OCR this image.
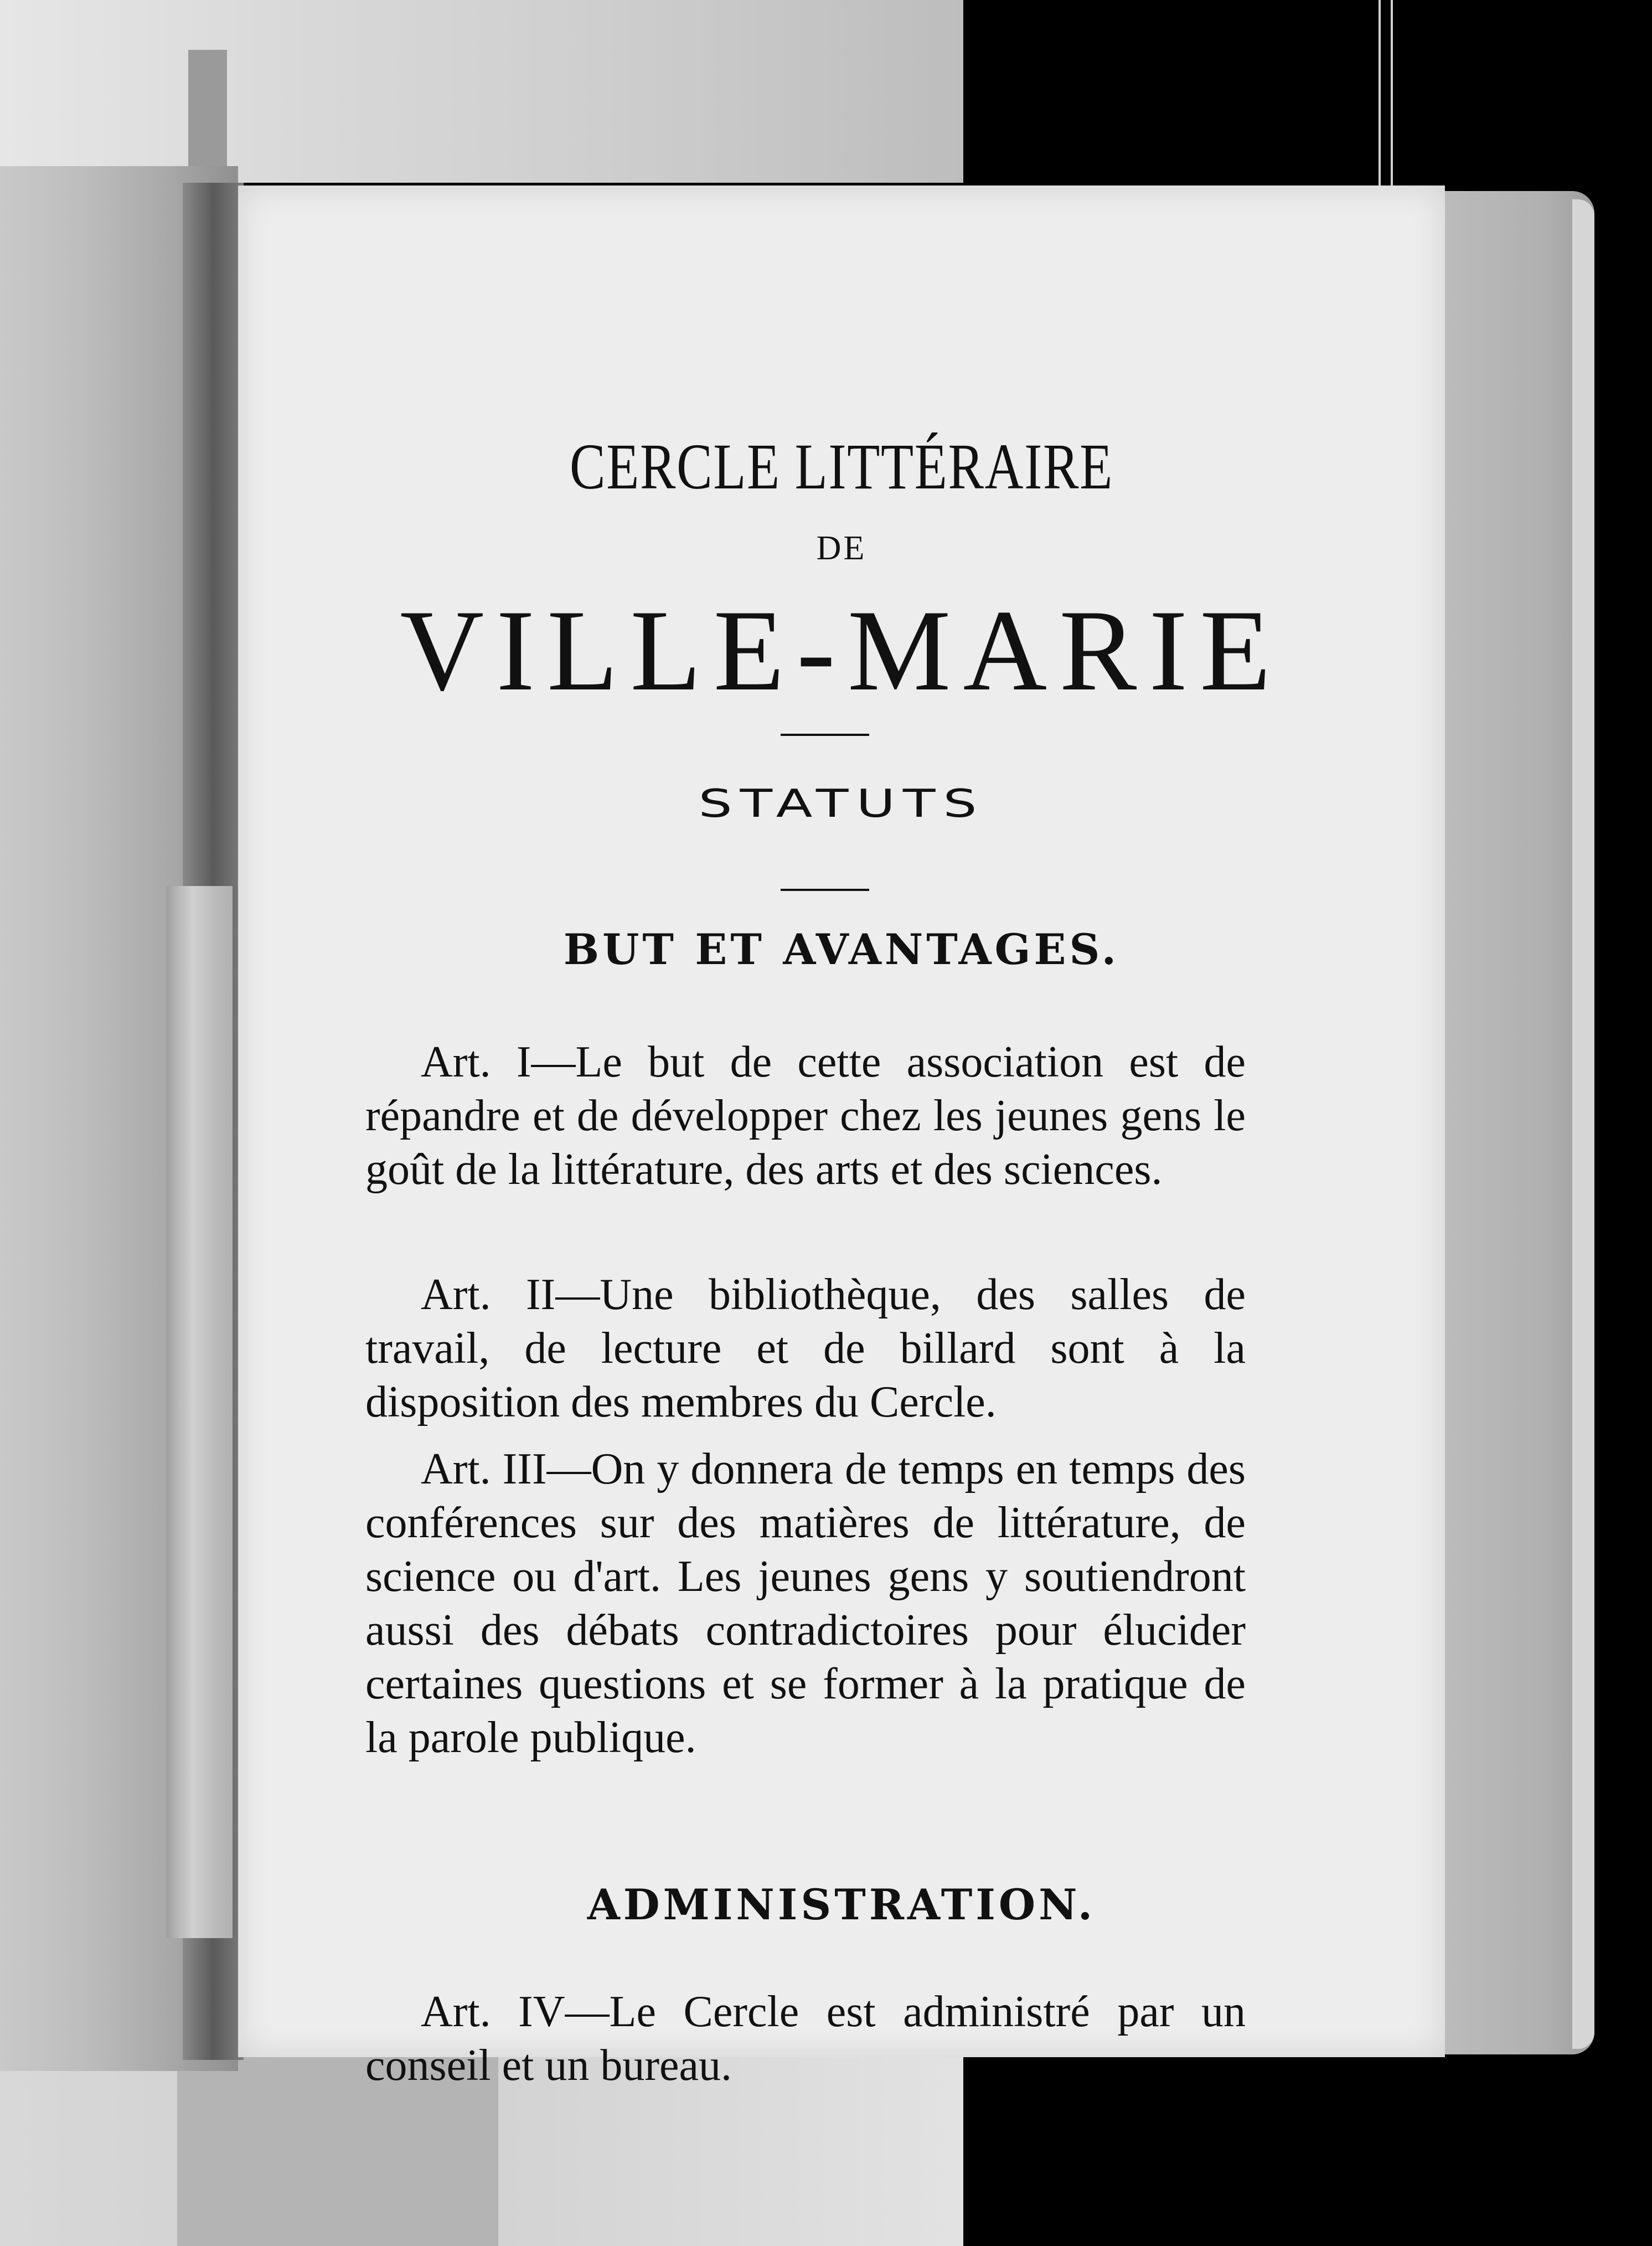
CERCLE LITTÉRAIRE
DE
VILLE-MARIE
STATUTS
BUT ET AVANTAGES.

Art. I—Le but de cette association est de répandre et de développer chez les jeunes gens le goût de la littérature, des arts et des sciences.

Art. II—Une bibliothèque, des salles de travail, de lecture et de billard sont à la disposition des membres du Cercle.

Art. III—On y donnera de temps en temps des conférences sur des matières de littérature, de science ou d'art. Les jeunes gens y soutiendront aussi des débats contradictoires pour élucider certaines questions et se former à la pratique de la parole publique.

ADMINISTRATION.

Art. IV—Le Cercle est administré par un conseil et un bureau.
